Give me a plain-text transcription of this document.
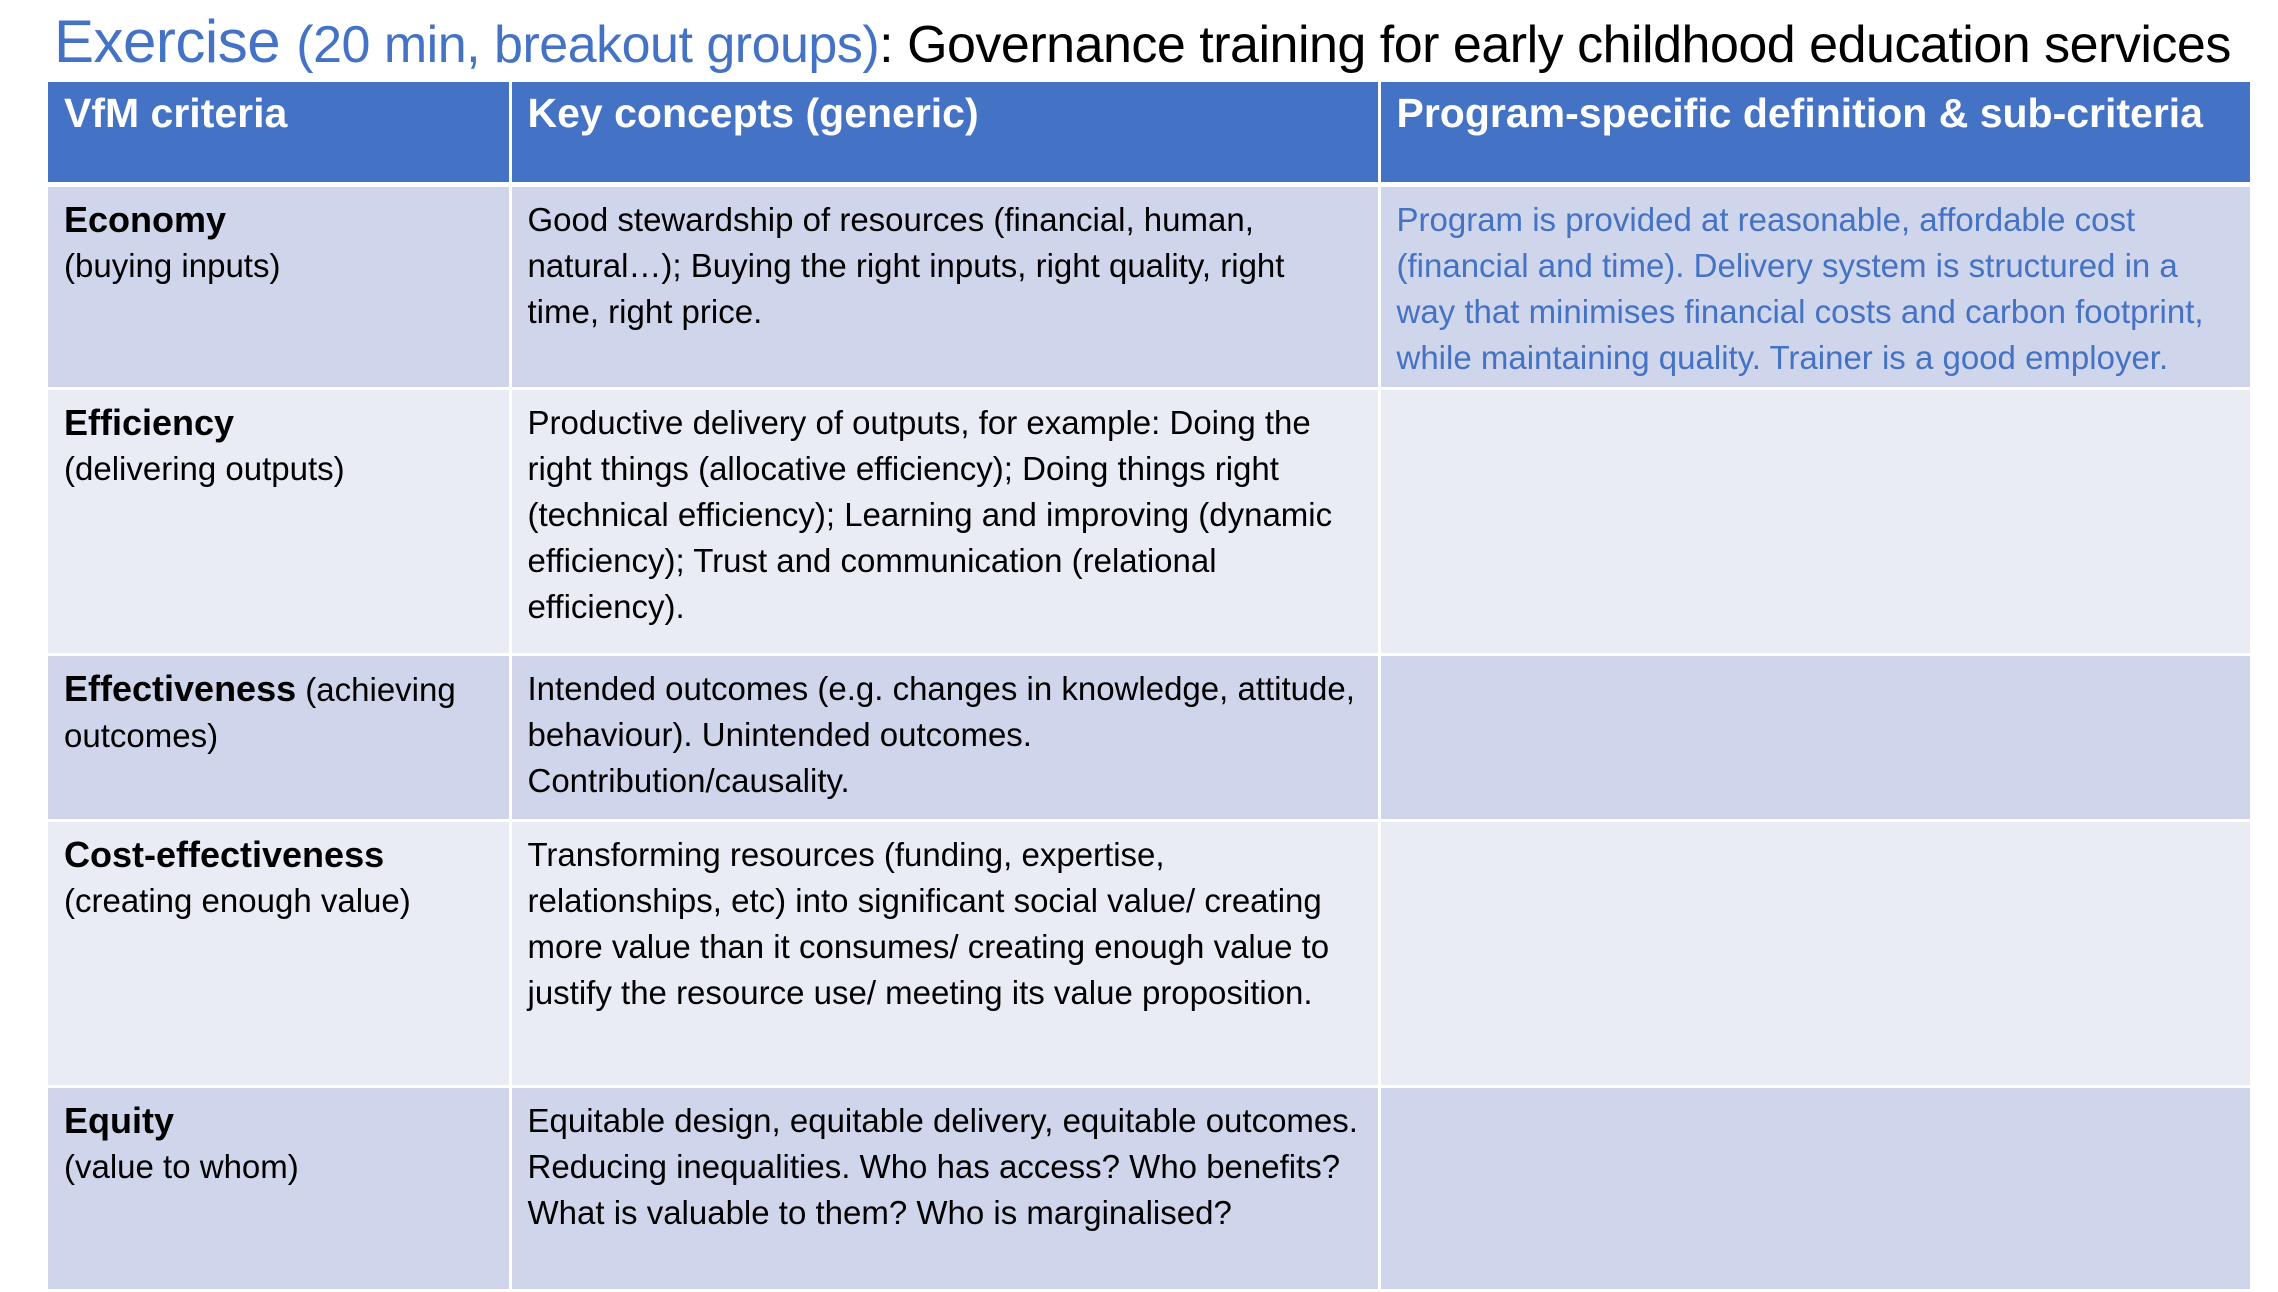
Exercise (20 min, breakout groups): Governance training for early childhood education services
VfM criteria	Key concepts (generic)	Program-specific definition & sub-criteria

Economy
(buying inputs)	Good stewardship of resources (financial, human, natural…); Buying the right inputs, right quality, right time, right price.	Program is provided at reasonable, affordable cost (financial and time). Delivery system is structured in a way that minimises financial costs and carbon footprint, while maintaining quality. Trainer is a good employer.

Efficiency
(delivering outputs)	Productive delivery of outputs, for example: Doing the right things (allocative efficiency); Doing things right (technical efficiency); Learning and improving (dynamic efficiency); Trust and communication (relational efficiency).	
Effectiveness (achieving outcomes)	Intended outcomes (e.g. changes in knowledge, attitude, behaviour). Unintended outcomes. Contribution/causality.	

Cost-effectiveness
(creating enough value)	Transforming resources (funding, expertise, relationships, etc) into significant social value/ creating more value than it consumes/ creating enough value to justify the resource use/ meeting its value proposition.	

Equity
(value to whom)	Equitable design, equitable delivery, equitable outcomes. Reducing inequalities. Who has access? Who benefits? What is valuable to them? Who is marginalised?	
